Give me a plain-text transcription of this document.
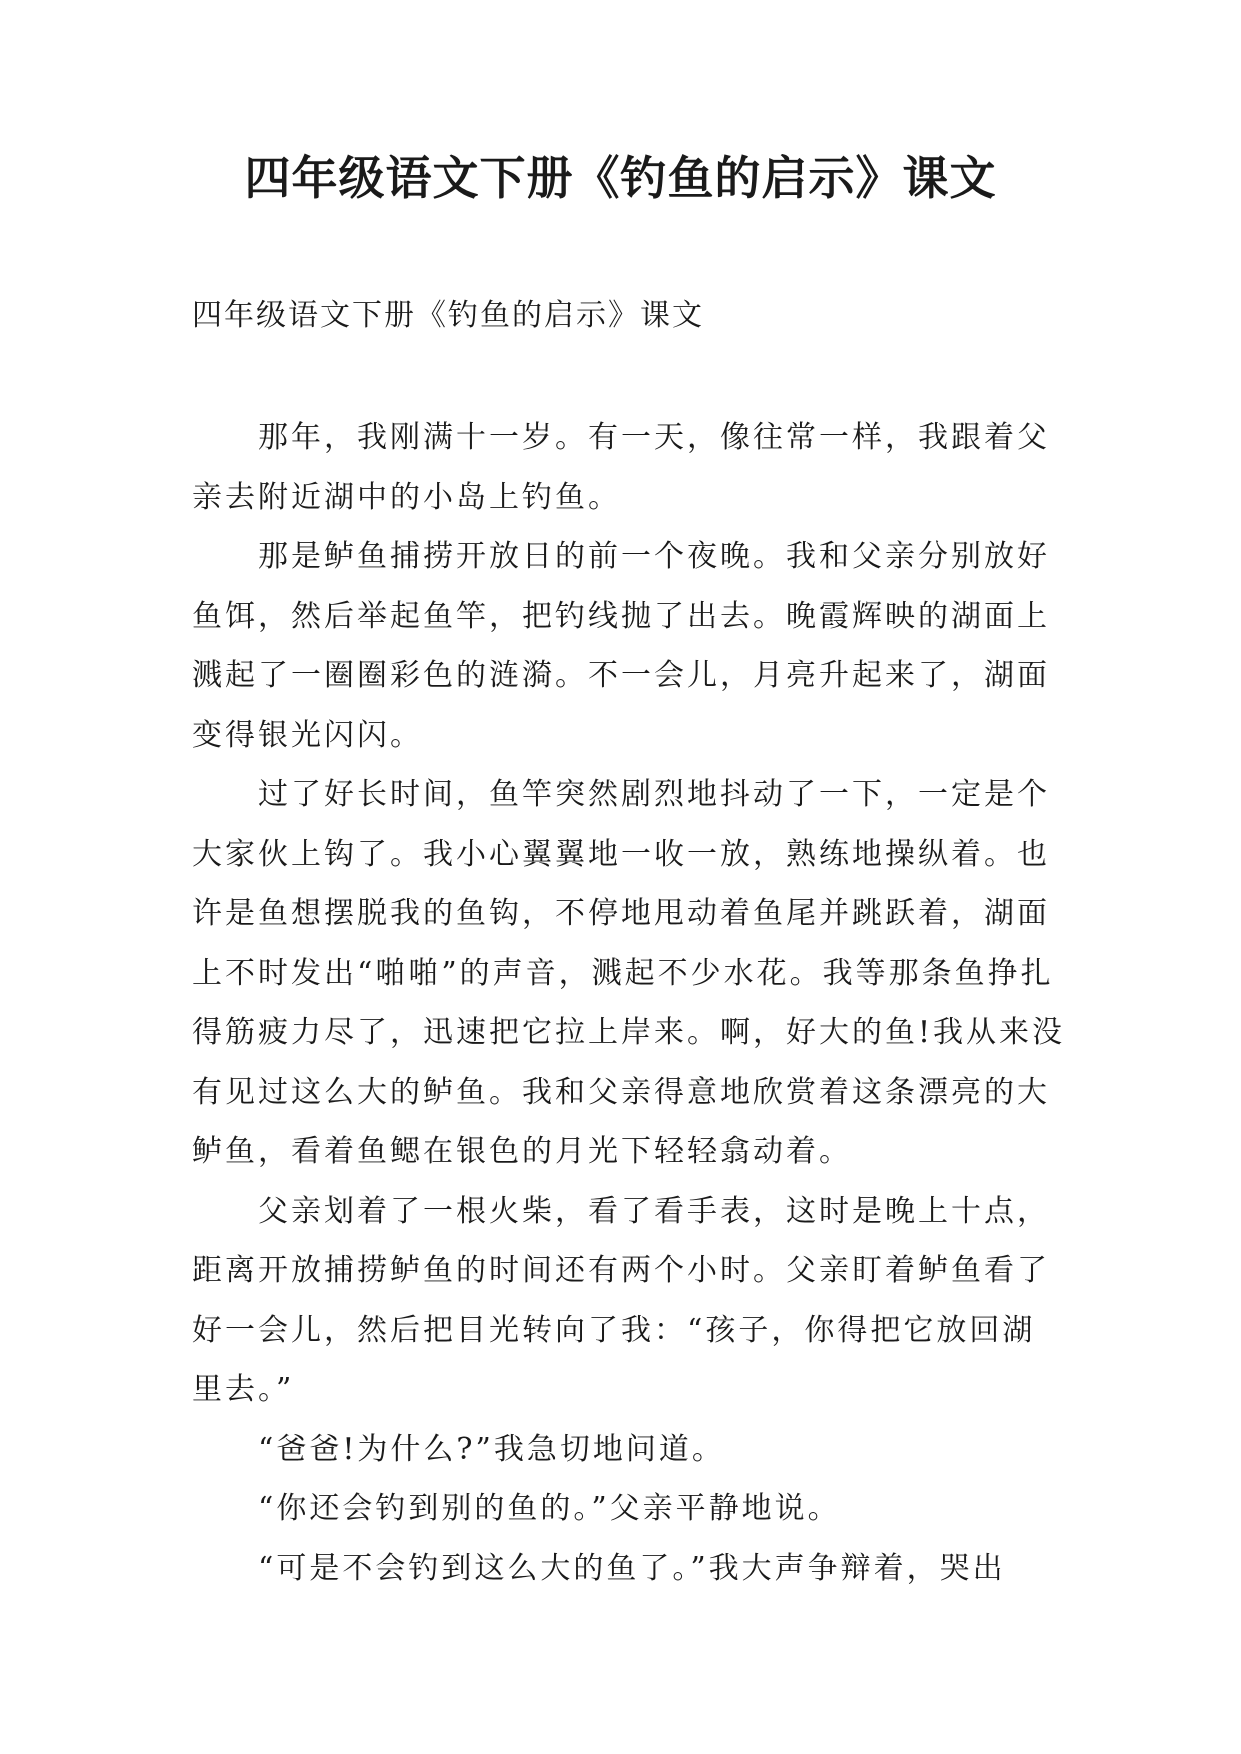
四年级语文下册《钓鱼的启示》课文

四年级语文下册《钓鱼的启示》课文

那年，我刚满十一岁。有一天，像往常一样，我跟着父亲去附近湖中的小岛上钓鱼。

那是鲈鱼捕捞开放日的前一个夜晚。我和父亲分别放好鱼饵，然后举起鱼竿，把钓线抛了出去。晚霞辉映的湖面上溅起了一圈圈彩色的涟漪。不一会儿，月亮升起来了，湖面变得银光闪闪。

过了好长时间，鱼竿突然剧烈地抖动了一下，一定是个大家伙上钩了。我小心翼翼地一收一放，熟练地操纵着。也许是鱼想摆脱我的鱼钩，不停地甩动着鱼尾并跳跃着，湖面上不时发出“啪啪”的声音，溅起不少水花。我等那条鱼挣扎得筋疲力尽了，迅速把它拉上岸来。啊，好大的鱼!我从来没有见过这么大的鲈鱼。我和父亲得意地欣赏着这条漂亮的大鲈鱼，看着鱼鳃在银色的月光下轻轻翕动着。

父亲划着了一根火柴，看了看手表，这时是晚上十点，距离开放捕捞鲈鱼的时间还有两个小时。父亲盯着鲈鱼看了好一会儿，然后把目光转向了我：“孩子，你得把它放回湖里去。”

“爸爸!为什么?”我急切地问道。

“你还会钓到别的鱼的。”父亲平静地说。

“可是不会钓到这么大的鱼了。”我大声争辩着，哭出
